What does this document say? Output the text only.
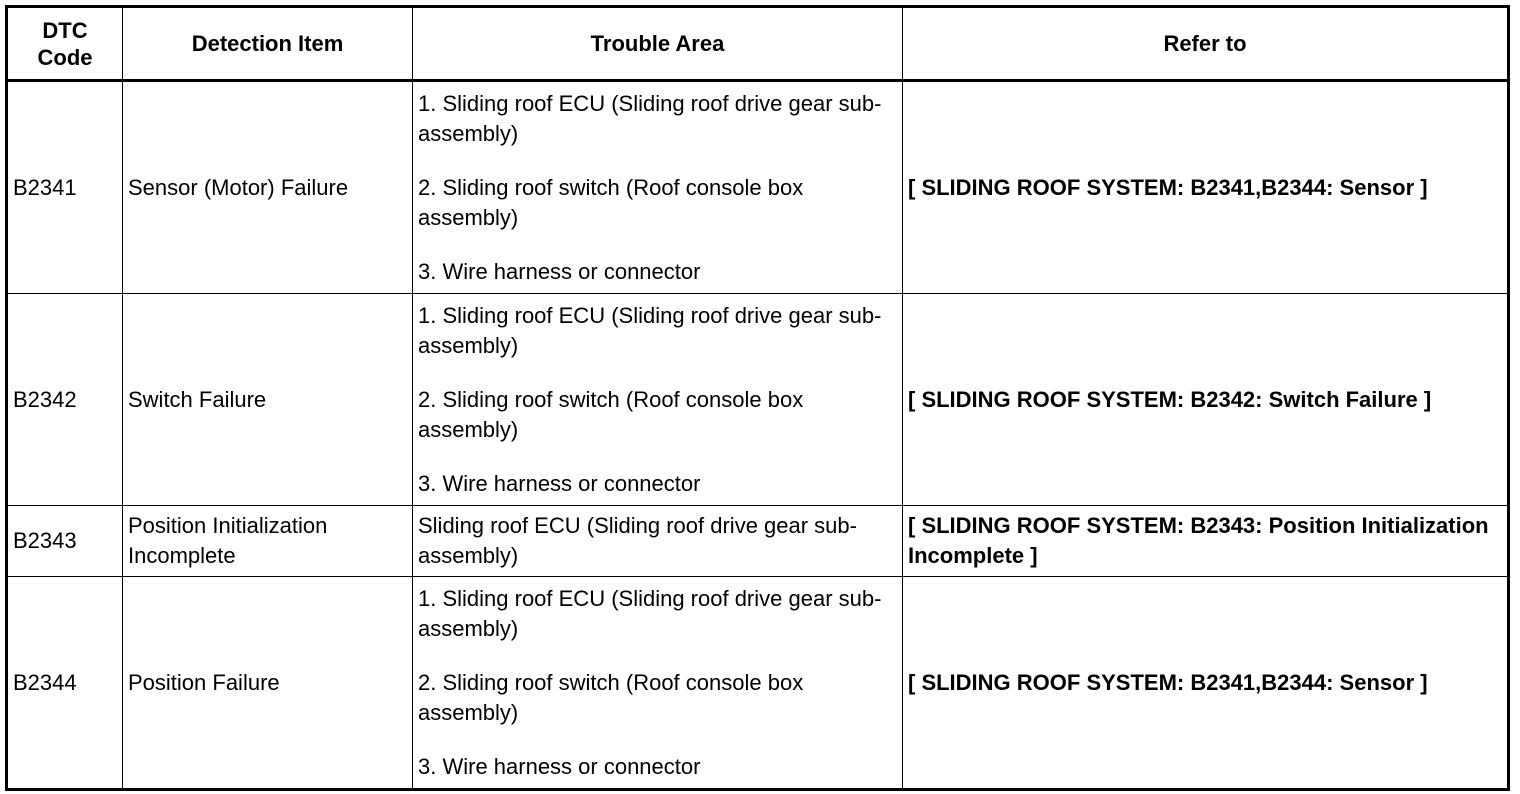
DTC
Code	Detection Item	Trouble Area	Refer to
B2341	Sensor (Motor) Failure	1. Sliding roof ECU (Sliding roof drive gear sub-assembly)
2. Sliding roof switch (Roof console box assembly)
3. Wire harness or connector	[ SLIDING ROOF SYSTEM: B2341,B2344: Sensor ]
B2342	Switch Failure	1. Sliding roof ECU (Sliding roof drive gear sub-assembly)
2. Sliding roof switch (Roof console box assembly)
3. Wire harness or connector	[ SLIDING ROOF SYSTEM: B2342: Switch Failure ]
B2343	Position Initialization Incomplete	Sliding roof ECU (Sliding roof drive gear sub-assembly)	[ SLIDING ROOF SYSTEM: B2343: Position Initialization Incomplete ]
B2344	Position Failure	1. Sliding roof ECU (Sliding roof drive gear sub-assembly)
2. Sliding roof switch (Roof console box assembly)
3. Wire harness or connector	[ SLIDING ROOF SYSTEM: B2341,B2344: Sensor ]
